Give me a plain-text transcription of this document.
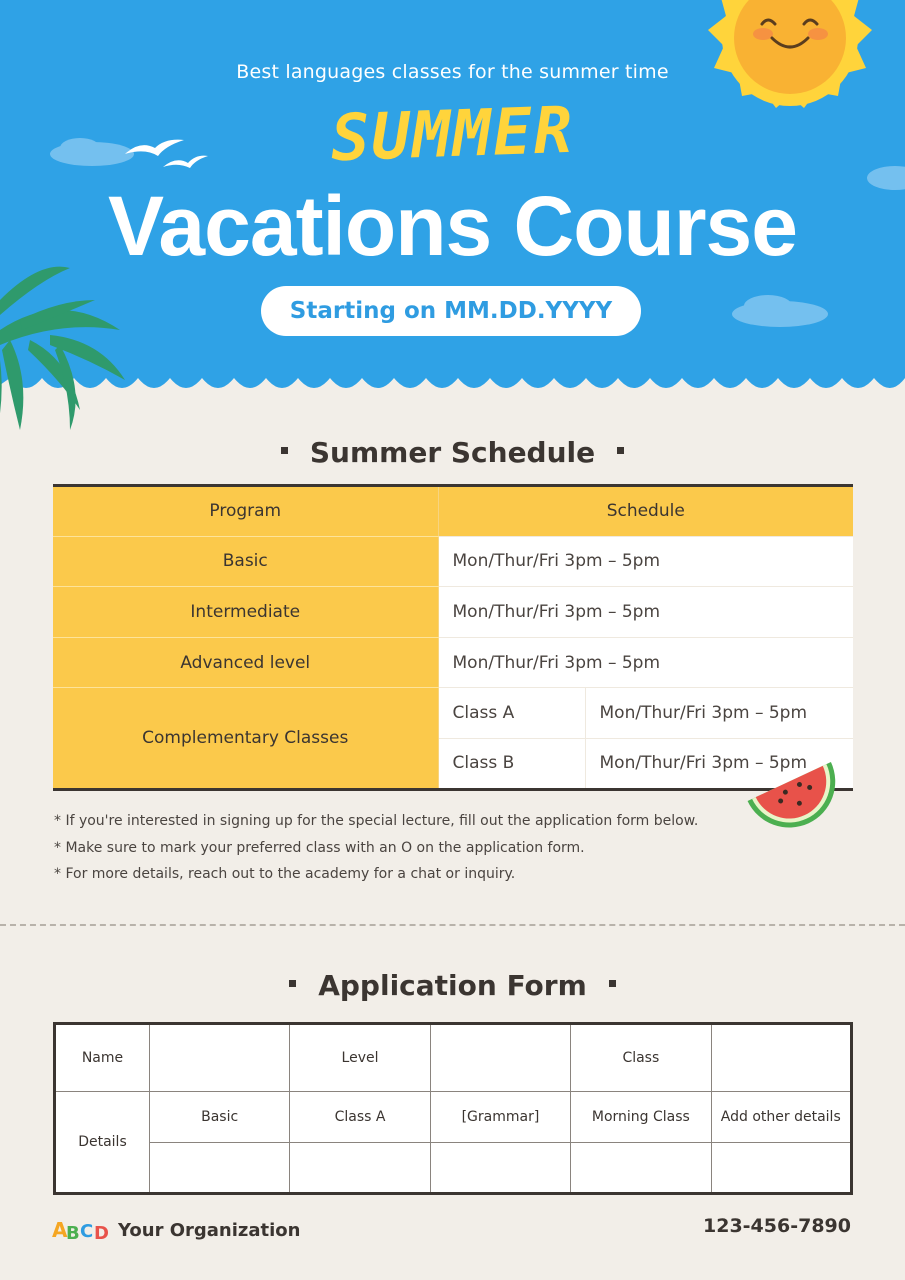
Best languages classes for the summer time
SUMMER
Vacations Course
Starting on MM.DD.YYYY
Summer Schedule
Program	Schedule	
Basic	Mon/Thur/Fri 3pm – 5pm	
Intermediate	Mon/Thur/Fri 3pm – 5pm	
Advanced level	Mon/Thur/Fri 3pm – 5pm	
Complementary Classes	Class A	Mon/Thur/Fri 3pm – 5pm
	Class B	Mon/Thur/Fri 3pm – 5pm
* If you're interested in signing up for the special lecture, fill out the application form below.
* Make sure to mark your preferred class with an O on the application form.
* For more details, reach out to the academy for a chat or inquiry.
Application Form
Name		Level		Class	
Details	Basic	Class A	[Grammar]	Morning Class	Add other details

A
B C D Your Organization	123-456-7890
